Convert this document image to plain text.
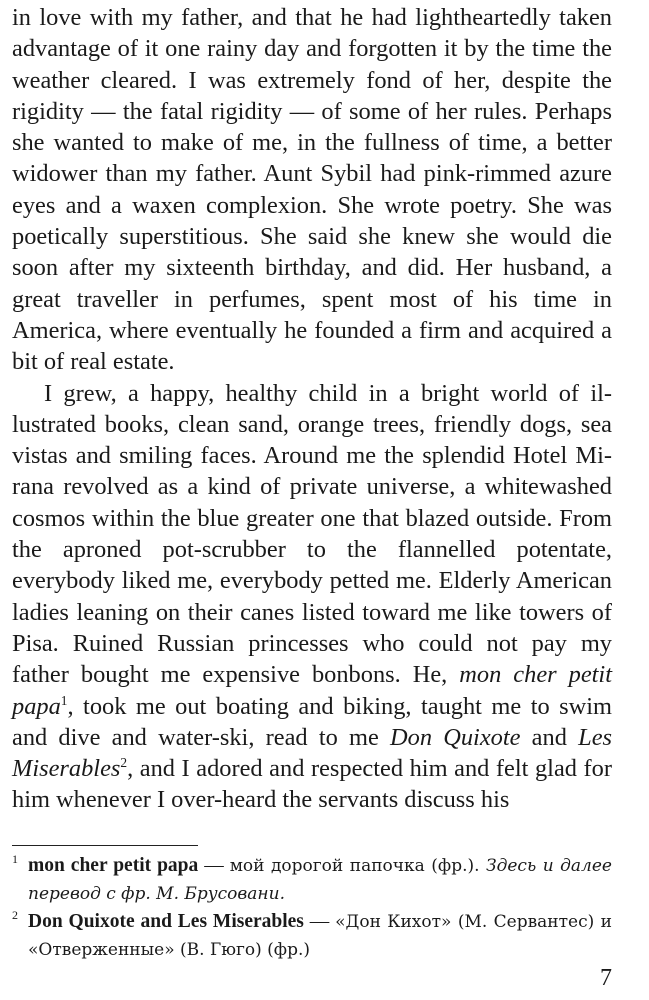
in love with my father, and that he had lightheartedly taken advantage of it one rainy day and forgotten it by the time the weather cleared. I was extremely fond of her, despite the rigidity — the fatal rigidity — of some of her rules. Perhaps she wanted to make of me, in the fullness of time, a better widower than my father. Aunt Sybil had pink-rimmed azure eyes and a waxen complexion. She wrote poetry. She was poetically superstitious. She said she knew she would die soon after my sixteenth birthday, and did. Her husband, a great traveller in perfumes, spent most of his time in America, where eventually he founded a firm and acquired a bit of real estate.

I grew, a happy, healthy child in a bright world of illustrated books, clean sand, orange trees, friendly dogs, sea vistas and smiling faces. Around me the splendid Hotel Mirana revolved as a kind of private universe, a whitewashed cosmos within the blue greater one that blazed outside. From the aproned pot-scrubber to the flannelled potentate, everybody liked me, everybody petted me. Elderly American ladies leaning on their canes listed toward me like towers of Pisa. Ruined Russian princesses who could not pay my father bought me expensive bonbons. He, mon cher petit papa$^1$, took me out boating and biking, taught me to swim and dive and water-ski, read to me Don Quixote and Les Miserables$^2$, and I adored and respected him and felt glad for him whenever I over-heard the servants discuss his

1 mon cher petit papa — мой дорогой папочка (фр.). Здесь и далее перевод с фр. М. Брусовани.
2 Don Quixote and Les Miserables — «Дон Кихот» (М. Сервантес) и «Отверженные» (В. Гюго) (фр.)
7
